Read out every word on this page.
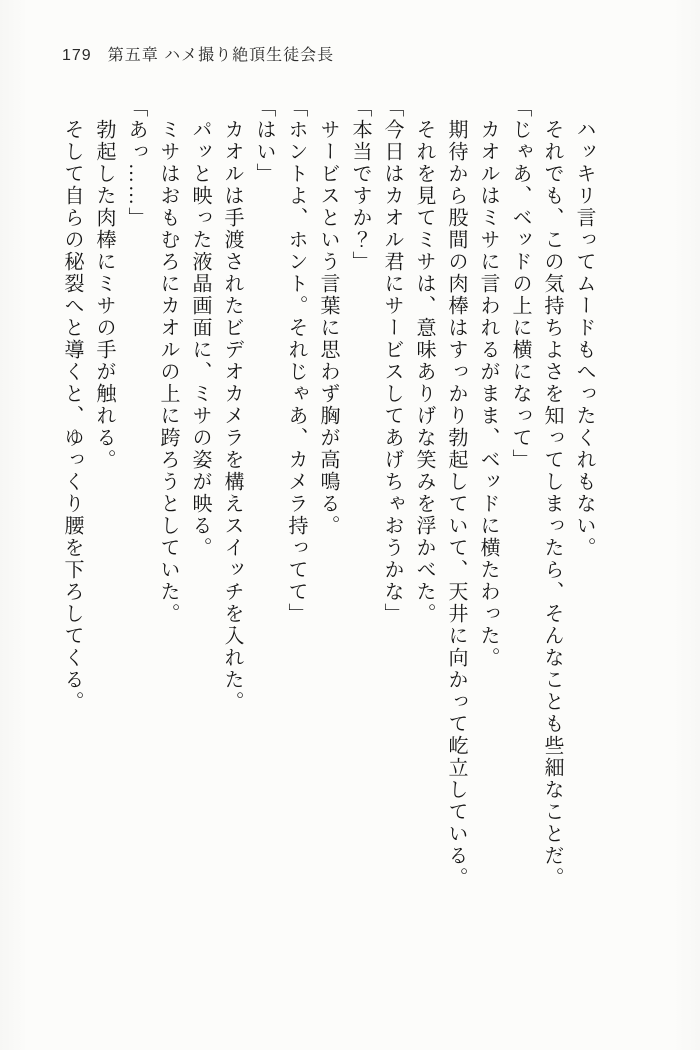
179 第五章 ハメ撮り絶頂生徒会長

ハッキリ言ってムードもへったくれもない。

それでも、この気持ちよさを知ってしまったら、そんなことも些細なことだ。

「じゃあ、ベッドの上に横になって」

カオルはミサに言われるがまま、ベッドに横たわった。

期待から股間の肉棒はすっかり勃起していて、天井に向かって屹立している。

それを見てミサは、意味ありげな笑みを浮かべた。

「今日はカオル君にサービスしてあげちゃおうかな」

「本当ですか？」

サービスという言葉に思わず胸が高鳴る。

「ホントよ、ホント。それじゃあ、カメラ持ってて」

「はい」

カオルは手渡されたビデオカメラを構えスイッチを入れた。

パッと映った液晶画面に、ミサの姿が映る。

ミサはおもむろにカオルの上に跨ろうとしていた。

「あっ……」

勃起した肉棒にミサの手が触れる。

そして自らの秘裂へと導くと、ゆっくり腰を下ろしてくる。
